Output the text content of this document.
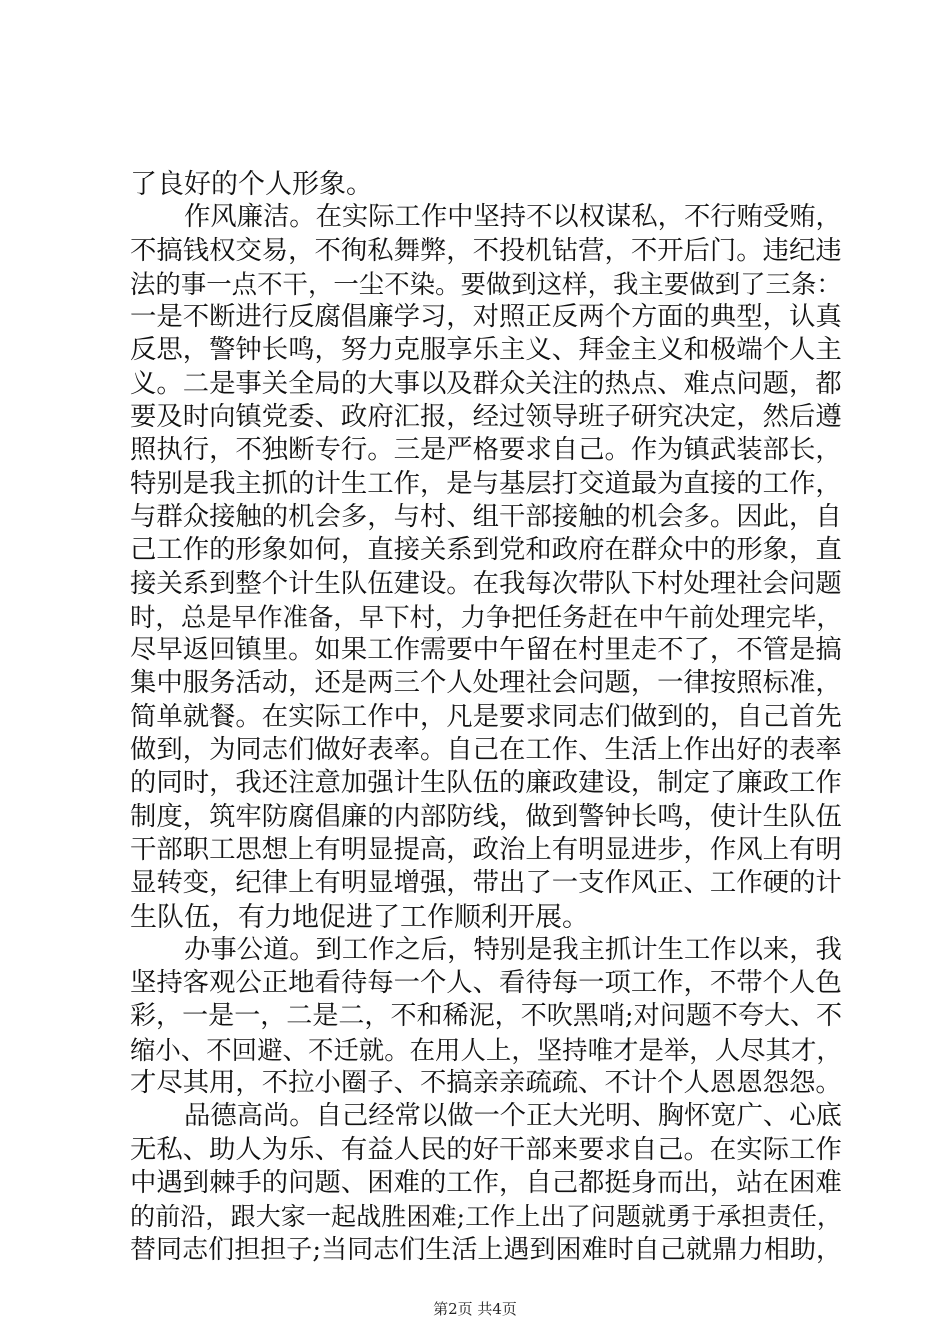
了良好的个人形象。
作风廉洁。在实际工作中坚持不以权谋私，不行贿受贿，
不搞钱权交易，不徇私舞弊，不投机钻营，不开后门。违纪违
法的事一点不干，一尘不染。要做到这样，我主要做到了三条：
一是不断进行反腐倡廉学习，对照正反两个方面的典型，认真
反思，警钟长鸣，努力克服享乐主义、拜金主义和极端个人主
义。二是事关全局的大事以及群众关注的热点、难点问题，都
要及时向镇党委、政府汇报，经过领导班子研究决定，然后遵
照执行，不独断专行。三是严格要求自己。作为镇武装部长，
特别是我主抓的计生工作，是与基层打交道最为直接的工作，
与群众接触的机会多，与村、组干部接触的机会多。因此，自
己工作的形象如何，直接关系到党和政府在群众中的形象，直
接关系到整个计生队伍建设。在我每次带队下村处理社会问题
时，总是早作准备，早下村，力争把任务赶在中午前处理完毕，
尽早返回镇里。如果工作需要中午留在村里走不了，不管是搞
集中服务活动，还是两三个人处理社会问题，一律按照标准，
简单就餐。在实际工作中，凡是要求同志们做到的，自己首先
做到，为同志们做好表率。自己在工作、生活上作出好的表率
的同时，我还注意加强计生队伍的廉政建设，制定了廉政工作
制度，筑牢防腐倡廉的内部防线，做到警钟长鸣，使计生队伍
干部职工思想上有明显提高，政治上有明显进步，作风上有明
显转变，纪律上有明显增强，带出了一支作风正、工作硬的计
生队伍，有力地促进了工作顺利开展。
办事公道。到工作之后，特别是我主抓计生工作以来，我
坚持客观公正地看待每一个人、看待每一项工作，不带个人色
彩，一是一，二是二，不和稀泥，不吹黑哨;对问题不夸大、不
缩小、不回避、不迁就。在用人上，坚持唯才是举，人尽其才，
才尽其用，不拉小圈子、不搞亲亲疏疏、不计个人恩恩怨怨。
品德高尚。自己经常以做一个正大光明、胸怀宽广、心底
无私、助人为乐、有益人民的好干部来要求自己。在实际工作
中遇到棘手的问题、困难的工作，自己都挺身而出，站在困难
的前沿，跟大家一起战胜困难;工作上出了问题就勇于承担责任，
替同志们担担子;当同志们生活上遇到困难时自己就鼎力相助，
第2页 共4页
